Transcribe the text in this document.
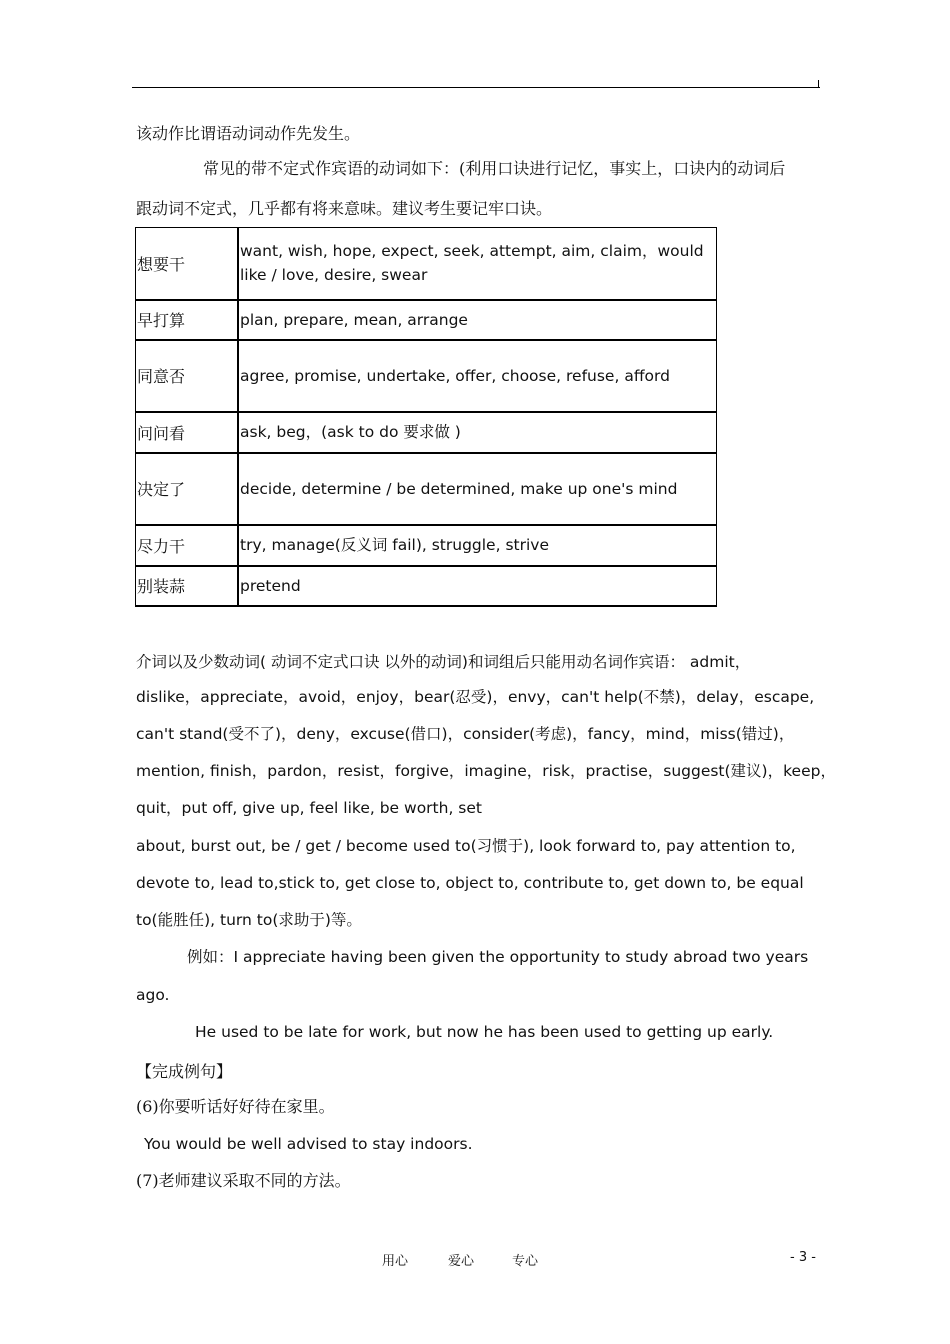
该动作比谓语动词动作先发生。
常见的带不定式作宾语的动词如下：(利用口诀进行记忆，事实上，口诀内的动词后
跟动词不定式，几乎都有将来意味。建议考生要记牢口诀。
想要干	want, wish, hope, expect, seek, attempt, aim, claim，would like / love, desire, swear
早打算	plan, prepare, mean, arrange
同意否	agree, promise, undertake, offer, choose, refuse, afford
问问看	ask, beg，(ask to do 要求做 )
决定了	decide, determine / be determined, make up one's mind
尽力干	try, manage(反义词 fail), struggle, strive
别装蒜	pretend
介词以及少数动词( 动词不定式口诀 以外的动词)和词组后只能用动名词作宾语： admit，
dislike，appreciate，avoid，enjoy，bear(忍受)，envy，can't help(不禁)，delay，escape,
can't stand(受不了)，deny，excuse(借口)，consider(考虑)，fancy，mind，miss(错过)，
mention, finish，pardon，resist，forgive，imagine，risk，practise，suggest(建议)，keep，
quit，put off, give up, feel like, be worth, set
about, burst out, be / get / become used to(习惯于), look forward to, pay attention to,
devote to, lead to,stick to, get close to, object to, contribute to, get down to, be equal
to(能胜任), turn to(求助于)等。
例如：I appreciate having been given the opportunity to study abroad two years
ago.
He used to be late for work, but now he has been used to getting up early.
【完成例句】
(6)你要听话好好待在家里。
You would be well advised to stay indoors.
(7)老师建议采取不同的方法。
用心	爱心	专心	- 3 -
